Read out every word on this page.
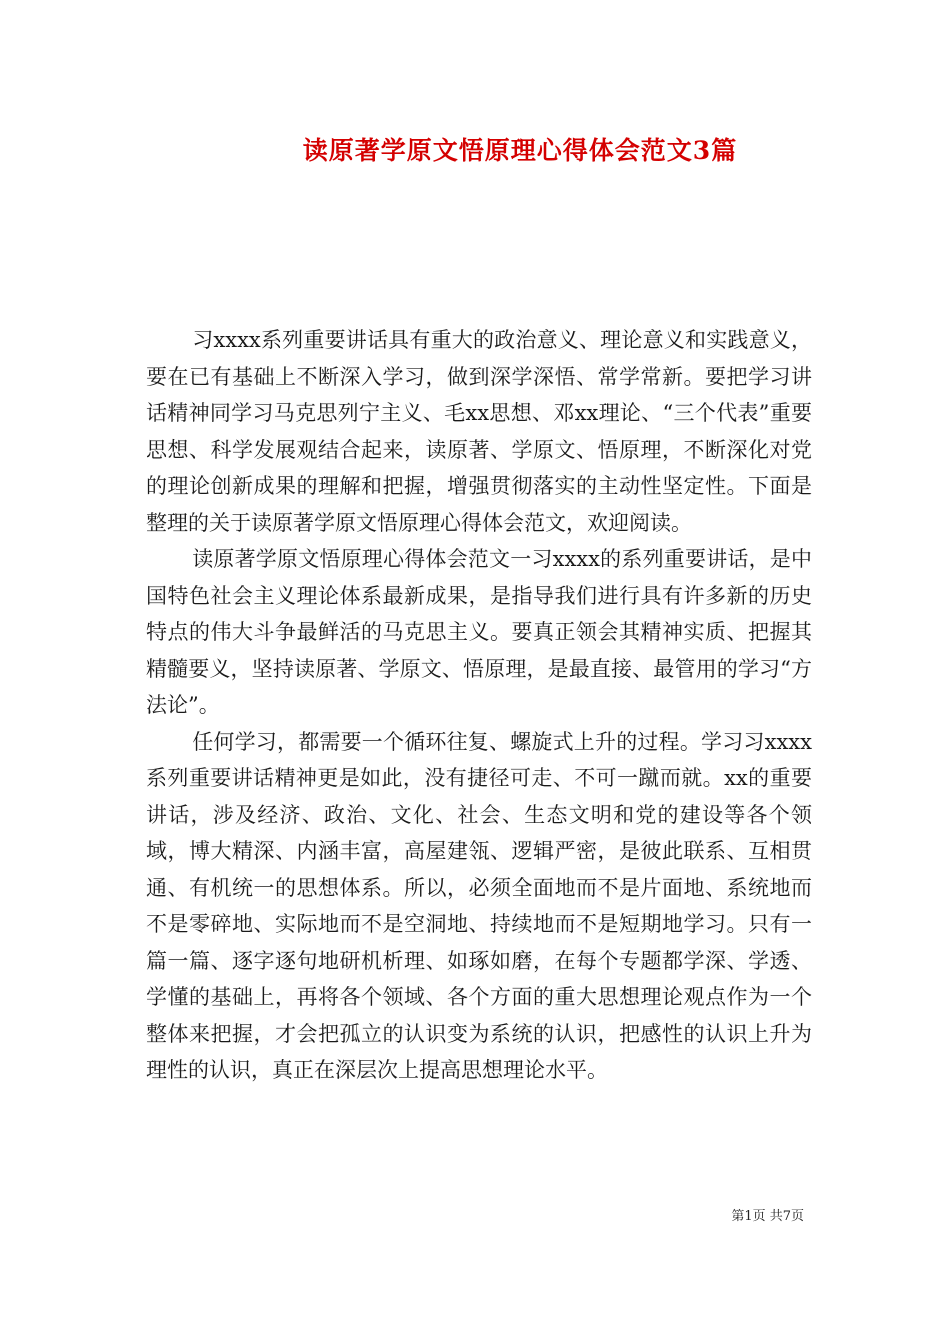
读原著学原文悟原理心得体会范文3篇

习xxxx系列重要讲话具有重大的政治意义、理论意义和实践意义，要在已有基础上不断深入学习，做到深学深悟、常学常新。要把学习讲话精神同学习马克思列宁主义、毛xx思想、邓xx理论、“三个代表”重要思想、科学发展观结合起来，读原著、学原文、悟原理，不断深化对党的理论创新成果的理解和把握，增强贯彻落实的主动性坚定性。下面是整理的关于读原著学原文悟原理心得体会范文，欢迎阅读。

读原著学原文悟原理心得体会范文一习xxxx的系列重要讲话，是中国特色社会主义理论体系最新成果，是指导我们进行具有许多新的历史特点的伟大斗争最鲜活的马克思主义。要真正领会其精神实质、把握其精髓要义，坚持读原著、学原文、悟原理，是最直接、最管用的学习“方法论”。

任何学习，都需要一个循环往复、螺旋式上升的过程。学习习xxxx系列重要讲话精神更是如此，没有捷径可走、不可一蹴而就。xx的重要讲话，涉及经济、政治、文化、社会、生态文明和党的建设等各个领域，博大精深、内涵丰富，高屋建瓴、逻辑严密，是彼此联系、互相贯通、有机统一的思想体系。所以，必须全面地而不是片面地、系统地而不是零碎地、实际地而不是空洞地、持续地而不是短期地学习。只有一篇一篇、逐字逐句地研机析理、如琢如磨，在每个专题都学深、学透、学懂的基础上，再将各个领域、各个方面的重大思想理论观点作为一个整体来把握，才会把孤立的认识变为系统的认识，把感性的认识上升为理性的认识，真正在深层次上提高思想理论水平。

第1页 共7页
